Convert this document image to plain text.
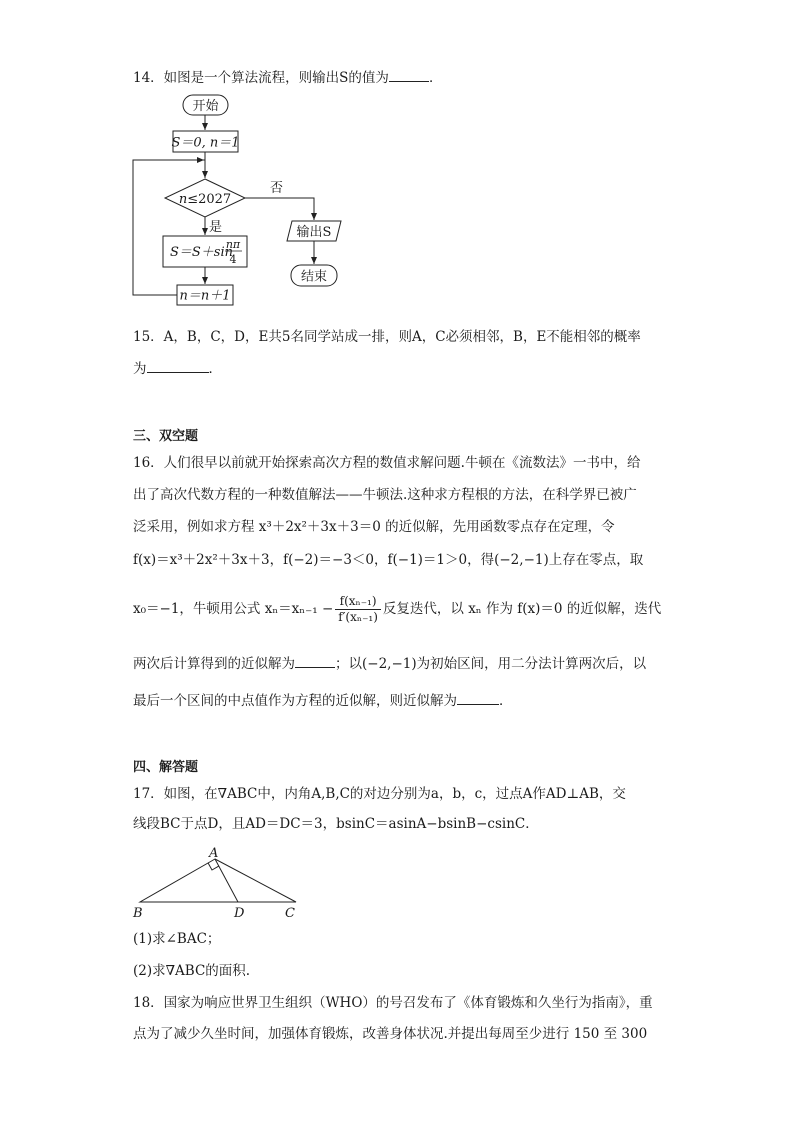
14．如图是一个算法流程，则输出S的值为	．
开始
S＝0, n＝1
n≤2027
否
是
S＝S＋sin
nπ
4
n＝n＋1
输出S
结束
15．A，B，C，D，E共5名同学站成一排，则A，C必须相邻，B，E不能相邻的概率
为	．
三、双空题
16．人们很早以前就开始探索高次方程的数值求解问题.牛顿在《流数法》一书中，给
出了高次代数方程的一种数值解法——牛顿法.这种求方程根的方法，在科学界已被广
泛采用，例如求方程 x³＋2x²＋3x＋3＝0 的近似解，先用函数零点存在定理，令
f(x)＝x³＋2x²＋3x＋3，f(−2)＝−3＜0，f(−1)＝1＞0，得(−2,−1)上存在零点，取
x₀＝−1，牛顿用公式 $x_n=x_{n-1} - \frac{\text{f(xₙ₋₁)}}{\text{f′(xₙ₋₁)}}$ 反复迭代，以 xₙ 作为 f(x)＝0 的近似解，迭代
两次后计算得到的近似解为	；以(−2,−1)为初始区间，用二分法计算两次后，以
最后一个区间的中点值作为方程的近似解，则近似解为	．
四、解答题
17．如图，在∇ABC中，内角A,B,C的对边分别为a，b，c，过点A作AD⊥AB，交
线段BC于点D，且AD＝DC＝3，bsinC＝asinA−bsinB−csinC．
A
B	D	C
(1)求∠BAC；
(2)求∇ABC的面积.
18．国家为响应世界卫生组织（WHO）的号召发布了《体育锻炼和久坐行为指南》，重
点为了减少久坐时间，加强体育锻炼，改善身体状况.并提出每周至少进行 150 至 300
